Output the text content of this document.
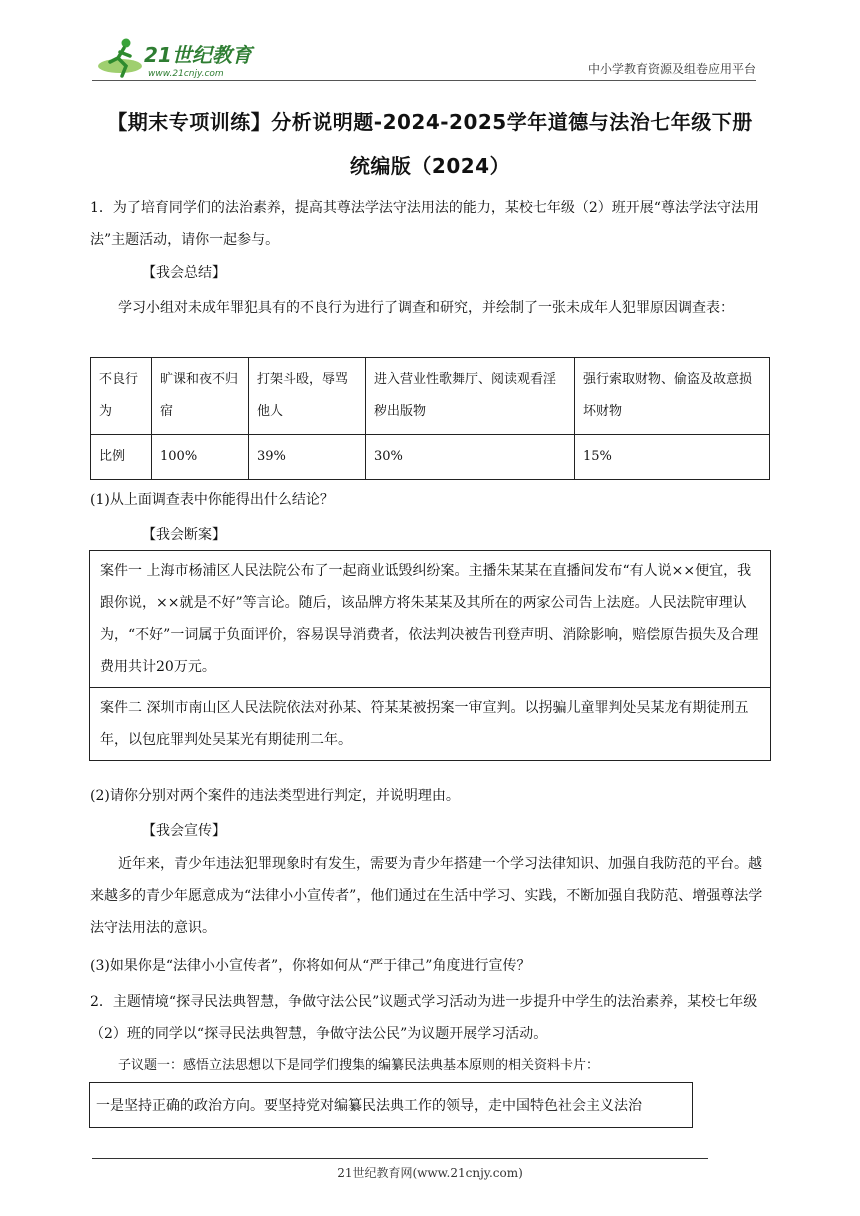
21世纪教育
www.21cnjy.com	中小学教育资源及组卷应用平台
【期末专项训练】分析说明题-2024-2025学年道德与法治七年级下册
统编版（2024）
1．为了培育同学们的法治素养，提高其尊法学法守法用法的能力，某校七年级（2）班开展“尊法学法守法用法”主题活动，请你一起参与。
【我会总结】
学习小组对未成年罪犯具有的不良行为进行了调查和研究，并绘制了一张未成年人犯罪原因调查表：
不良行为	旷课和夜不归宿	打架斗殴，辱骂他人	进入营业性歌舞厅、阅读观看淫秽出版物	强行索取财物、偷盗及故意损坏财物
比例	100%	39%	30%	15%
(1)从上面调查表中你能得出什么结论？
【我会断案】
案件一 上海市杨浦区人民法院公布了一起商业诋毁纠纷案。主播朱某某在直播间发布“有人说××便宜，我跟你说，××就是不好”等言论。随后，该品牌方将朱某某及其所在的两家公司告上法庭。人民法院审理认为，“不好”一词属于负面评价，容易误导消费者，依法判决被告刊登声明、消除影响，赔偿原告损失及合理费用共计20万元。
案件二 深圳市南山区人民法院依法对孙某、符某某被拐案一审宣判。以拐骗儿童罪判处吴某龙有期徒刑五年，以包庇罪判处吴某光有期徒刑二年。
(2)请你分别对两个案件的违法类型进行判定，并说明理由。
【我会宣传】
近年来，青少年违法犯罪现象时有发生，需要为青少年搭建一个学习法律知识、加强自我防范的平台。越来越多的青少年愿意成为“法律小小宣传者”，他们通过在生活中学习、实践，不断加强自我防范、增强尊法学法守法用法的意识。
(3)如果你是“法律小小宣传者”，你将如何从“严于律己”角度进行宣传？
2．主题情境“探寻民法典智慧，争做守法公民”议题式学习活动为进一步提升中学生的法治素养，某校七年级（2）班的同学以“探寻民法典智慧，争做守法公民”为议题开展学习活动。
子议题一：感悟立法思想以下是同学们搜集的编纂民法典基本原则的相关资料卡片：
一是坚持正确的政治方向。要坚持党对编纂民法典工作的领导，走中国特色社会主义法治
21世纪教育网(www.21cnjy.com)
